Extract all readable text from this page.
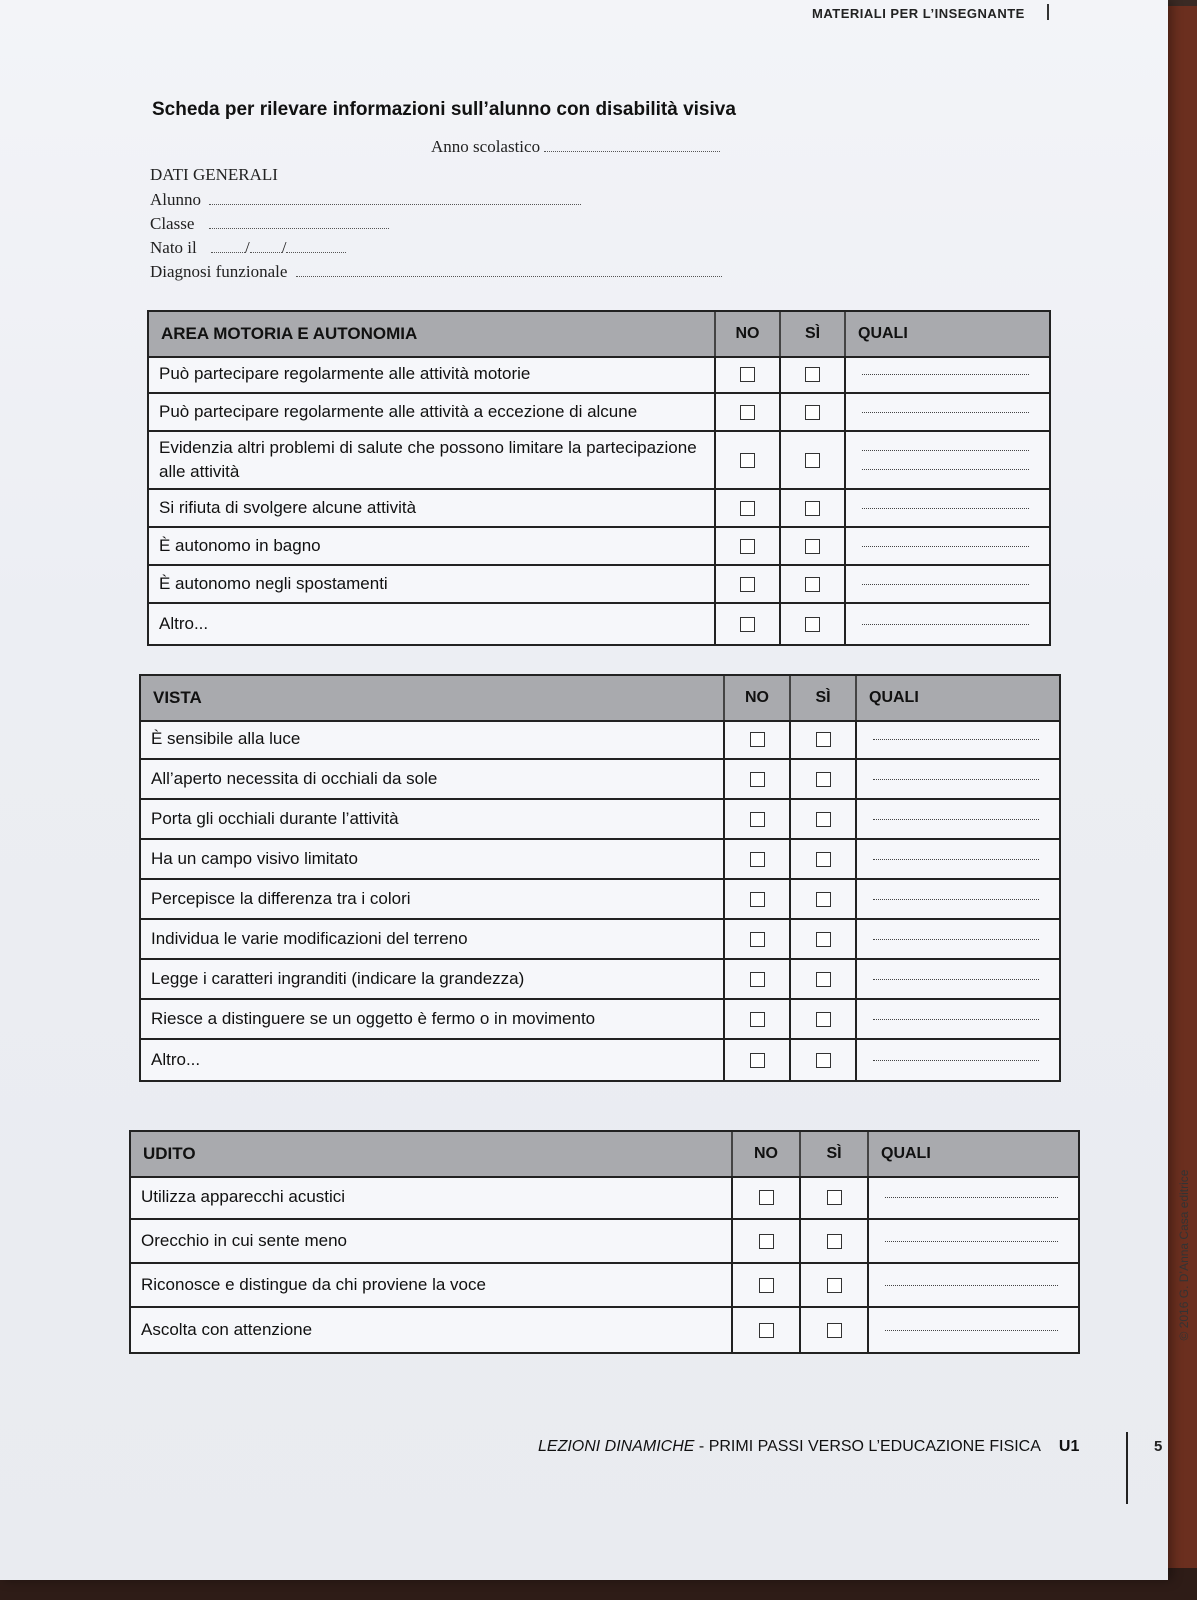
MATERIALI PER L’INSEGNANTE
Scheda per rilevare informazioni sull’alunno con disabilità visiva
Anno scolastico
DATI GENERALI
Alunno
Classe
Nato il	/ /
Diagnosi funzionale
AREA MOTORIA E AUTONOMIA	NO	SÌ	QUALI
Può partecipare regolarmente alle attività motorie
Può partecipare regolarmente alle attività a eccezione di alcune
Evidenzia altri problemi di salute che possono limitare la partecipazione alle attività
Si rifiuta di svolgere alcune attività
È autonomo in bagno
È autonomo negli spostamenti
Altro...
VISTA	NO	SÌ	QUALI
È sensibile alla luce
All’aperto necessita di occhiali da sole
Porta gli occhiali durante l’attività
Ha un campo visivo limitato
Percepisce la differenza tra i colori
Individua le varie modificazioni del terreno
Legge i caratteri ingranditi (indicare la grandezza)
Riesce a distinguere se un oggetto è fermo o in movimento
Altro...
UDITO	NO	SÌ	QUALI
Utilizza apparecchi acustici
Orecchio in cui sente meno
Riconosce e distingue da chi proviene la voce
Ascolta con attenzione
LEZIONI DINAMICHE - PRIMI PASSI VERSO L’EDUCAZIONE FISICA U1	5
© 2016 G. D’Anna Casa editrice
